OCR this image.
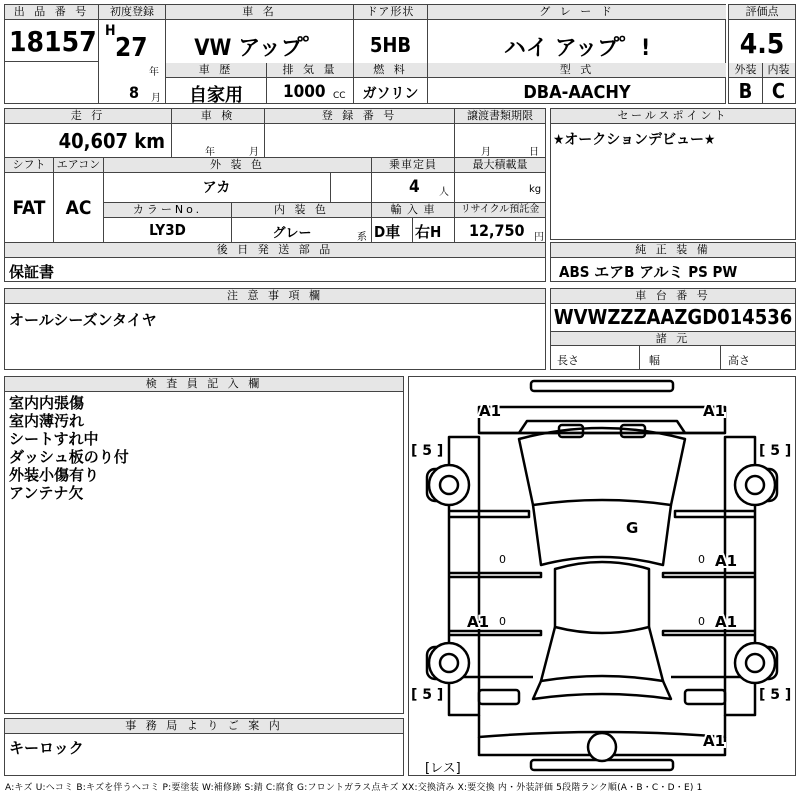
出 品 番 号
18157
初度登録
H
27
年
8 月
車 名
VW アップ゜
ドア形状
5HB
グ レ ー ド
ハイ アップ゜!
車 歴
自家用
排 気 量
1000 CC
燃 料
ガソリン
型 式
DBA-AACHY
評価点
4.5
外装	内装
B C
走 行
40,607 km
車 検
年	月
登 録 番 号	譲渡書類期限
月	日
シフト
FAT
エアコン
AC
外 装 色
アカ
乗車定員
4 人
最大積載量
kg
カラーNo.
LY3D
内 装 色
グレー	系
輸 入 車
D車 右H
リサイクル預託金
12,750 円
後 日 発 送 部 品
保証書
セールスポイント
★オークションデビュー★
純 正 装 備
ABS エアB アルミ PS PW
注 意 事 項 欄
オールシーズンタイヤ
車 台 番 号
WVWZZZAAZGD014536
諸 元
長さ	幅	高さ
検 査 員 記 入 欄
室内内張傷
室内薄汚れ
シートすれ中
ダッシュ板のり付
外装小傷有り
アンテナ欠
事 務 局 よ り ご 案 内
キーロック
A1	A1
G
A1
A1	A1
A1
[ 5 ]	[ 5 ]
[ 5 ]	[ 5 ]
0	0
0	0
[レス]
A:キズ U:ヘコミ B:キズを伴うヘコミ P:要塗装 W:補修跡 S:錆 C:腐食 G:フロントガラス点キズ XX:交換済み X:要交換 内・外装評価 5段階ランク順(A・B・C・D・E) 1
